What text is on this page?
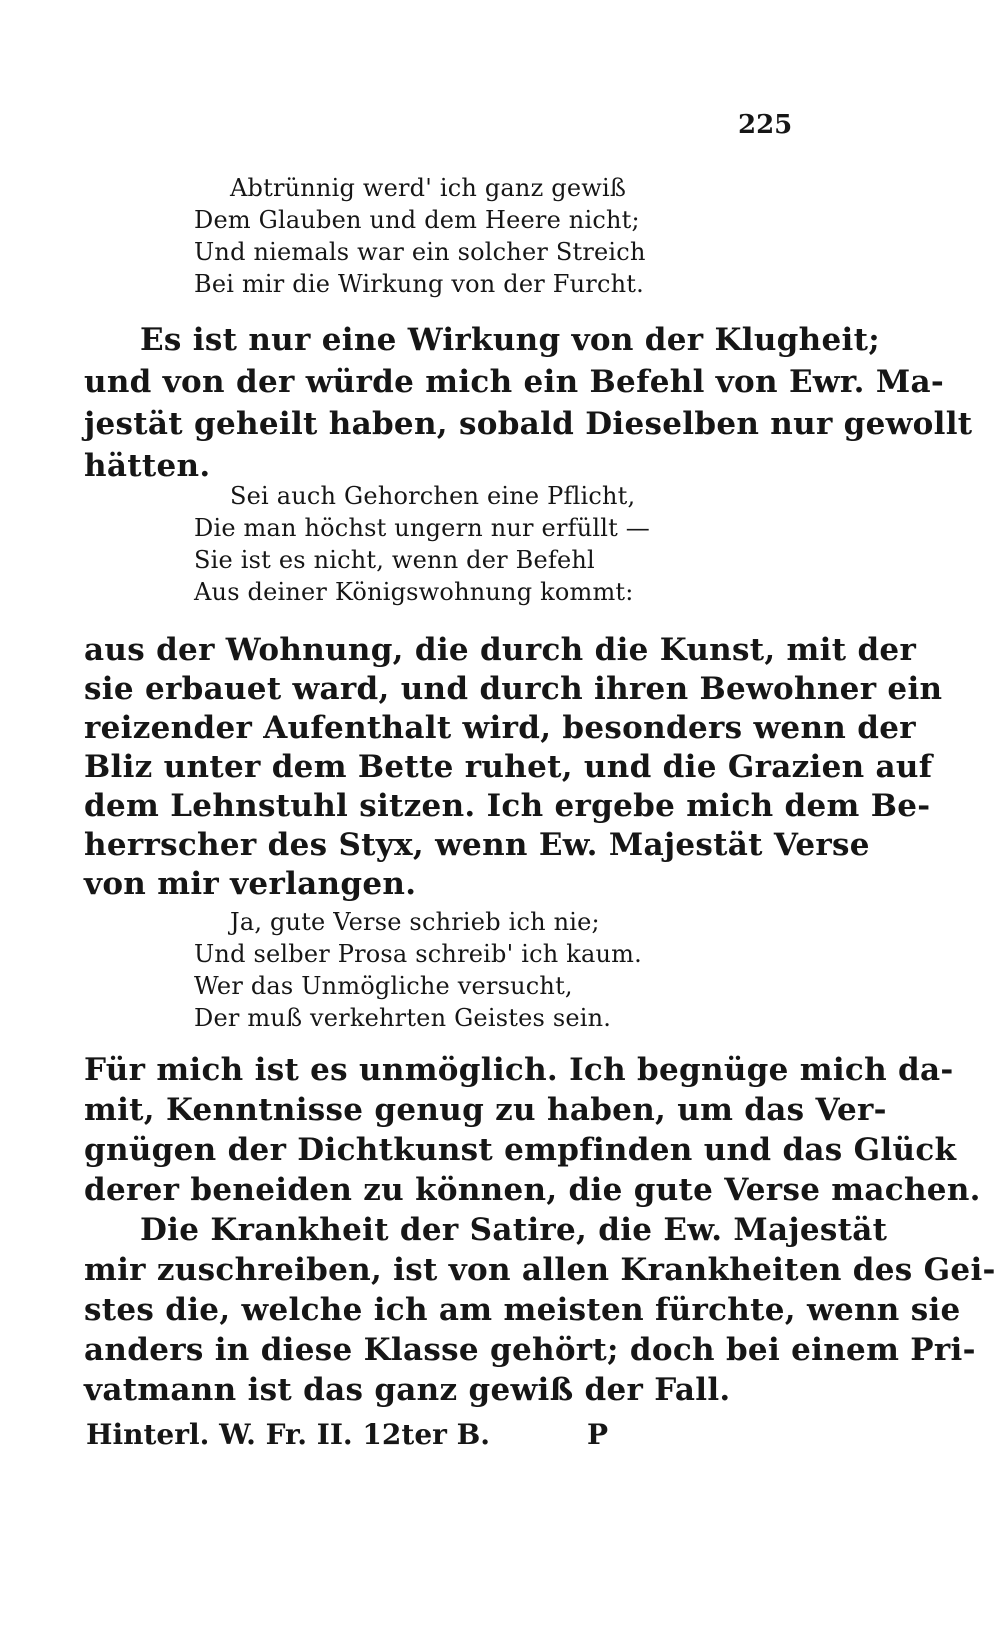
225
Abtrünnig werd' ich ganz gewiß
Dem Glauben und dem Heere nicht;
Und niemals war ein solcher Streich
Bei mir die Wirkung von der Furcht.
Es ist nur eine Wirkung von der Klugheit;
und von der würde mich ein Befehl von Ewr. Ma-
jestät geheilt haben, sobald Dieselben nur gewollt
hätten.
Sei auch Gehorchen eine Pflicht,
Die man höchst ungern nur erfüllt —
Sie ist es nicht, wenn der Befehl
Aus deiner Königswohnung kommt:
aus der Wohnung, die durch die Kunst, mit der
sie erbauet ward, und durch ihren Bewohner ein
reizender Aufenthalt wird, besonders wenn der
Bliz unter dem Bette ruhet, und die Grazien auf
dem Lehnstuhl sitzen. Ich ergebe mich dem Be-
herrscher des Styx, wenn Ew. Majestät Verse
von mir verlangen.
Ja, gute Verse schrieb ich nie;
Und selber Prosa schreib' ich kaum.
Wer das Unmögliche versucht,
Der muß verkehrten Geistes sein.
Für mich ist es unmöglich. Ich begnüge mich da-
mit, Kenntnisse genug zu haben, um das Ver-
gnügen der Dichtkunst empfinden und das Glück
derer beneiden zu können, die gute Verse machen.
Die Krankheit der Satire, die Ew. Majestät
mir zuschreiben, ist von allen Krankheiten des Gei-
stes die, welche ich am meisten fürchte, wenn sie
anders in diese Klasse gehört; doch bei einem Pri-
vatmann ist das ganz gewiß der Fall.
Hinterl. W. Fr. II. 12ter B.	P
